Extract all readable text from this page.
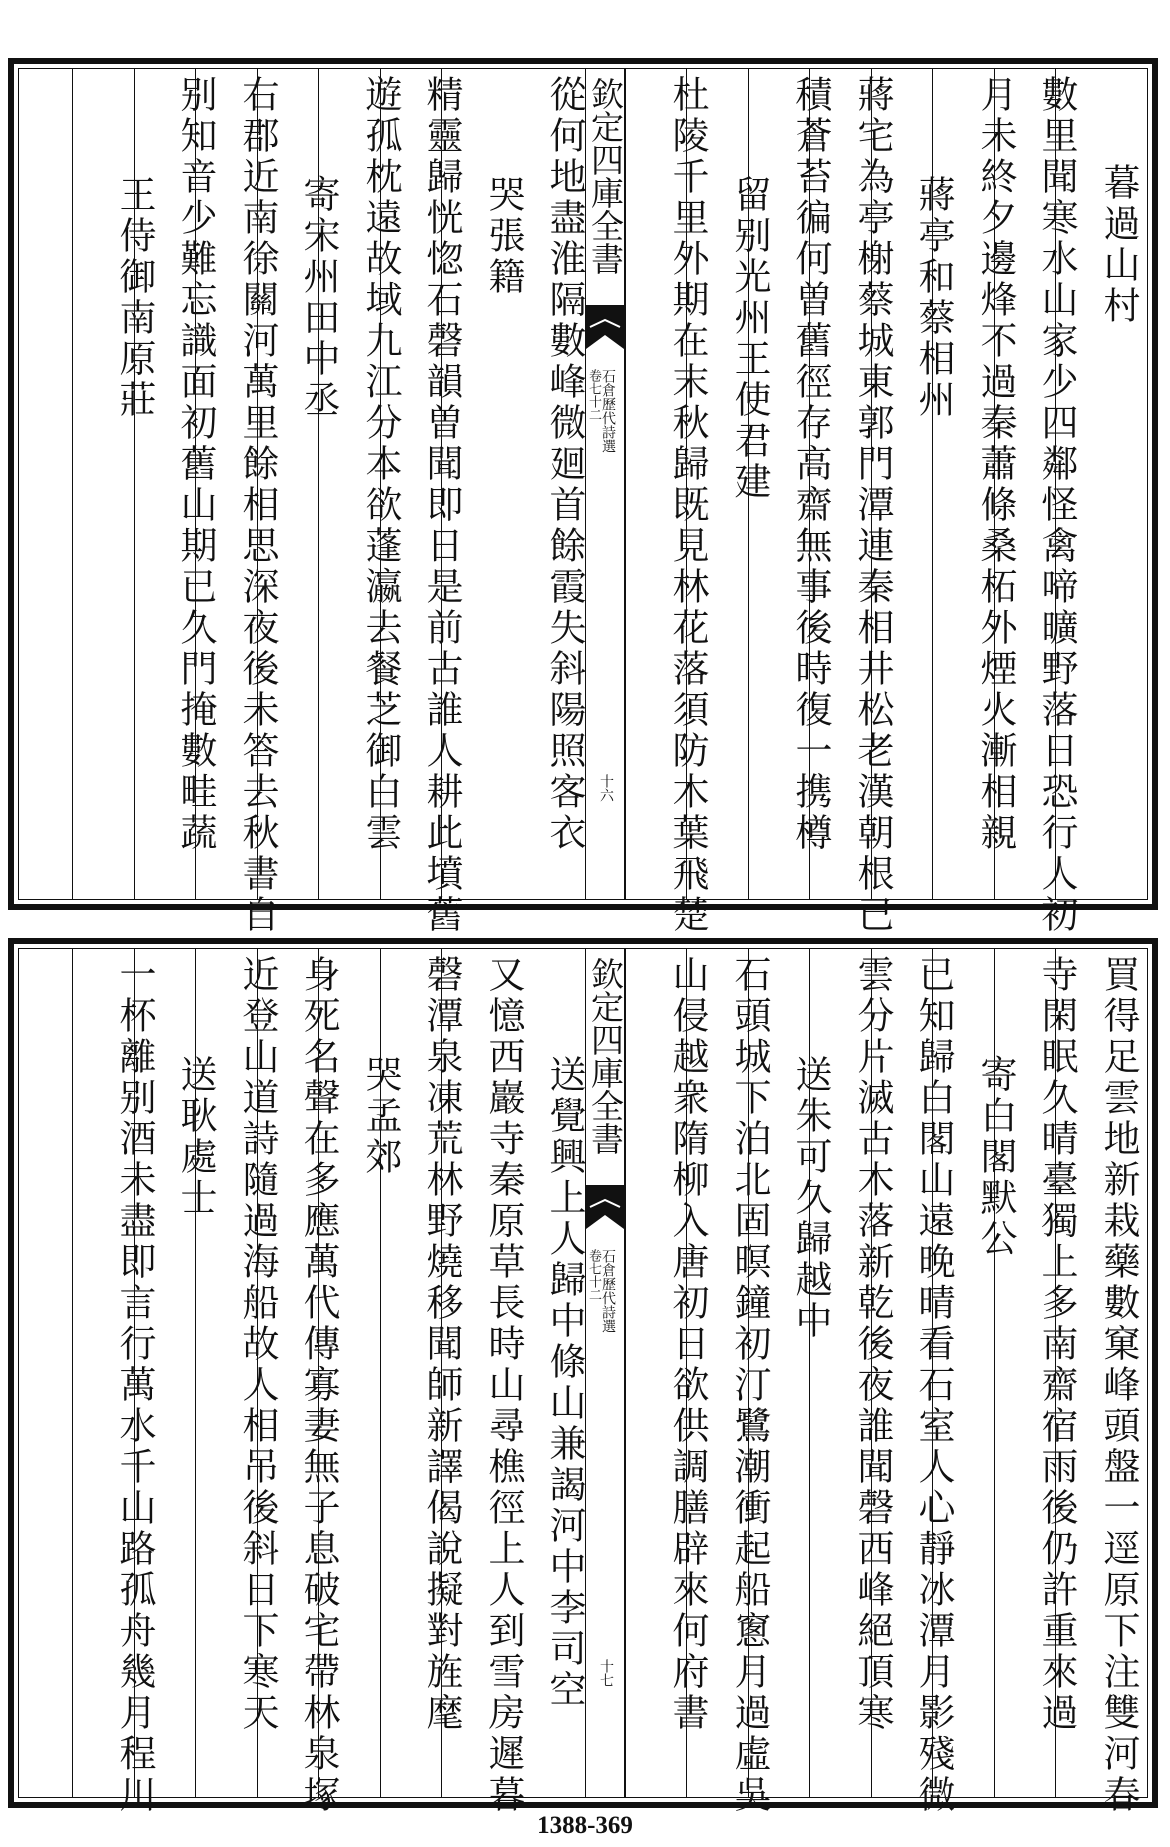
暮過山村
數里聞寒水山家少四鄰怪禽啼曠野落日恐行人初
月未終夕邊烽不過秦蕭條桑柘外煙火漸相親
蔣亭和蔡相州
蔣宅為亭榭蔡城東郭門潭連秦相井松老漢朝根已
積蒼苔徧何曽舊徑存高齋無事後時復一携樽
留别光州王使君建
杜陵千里外期在末秋歸既見林花落須防木葉飛楚
欽定四庫全書
石倉歷代詩選
卷七十二
十六
從何地盡淮隔數峰微廻首餘霞失斜陽照客衣
哭張籍
精靈歸恍惚石磬韻曽聞即日是前古誰人耕此墳舊
遊孤枕遠故域九江分本欲蓬瀛去餐芝御白雲
寄宋州田中丞
右郡近南徐關河萬里餘相思深夜後未答去秋書自
别知音少難忘識面初舊山期已久門掩數畦蔬
王侍御南原莊
買得足雲地新栽藥數窠峰頭盤一逕原下注雙河春
寺閑眠久晴臺獨上多南齋宿雨後仍許重來過
寄白閣默公
已知歸白閣山遠晚晴看石室人心靜冰潭月影殘微
雲分片滅古木落新乾後夜誰聞磬西峰絕頂寒
送朱可久歸越中
石頭城下泊北固暝鐘初汀鷺潮衝起船窻月過虛吳
山侵越衆隋柳入唐初日欲供調膳辟來何府書
欽定四庫全書
石倉歷代詩選
卷七十二
十七
送覺興上人歸中條山兼謁河中李司空
又憶西巖寺秦原草長時山尋樵徑上人到雪房遲暮
磬潭泉凍荒林野燒移聞師新譯偈說擬對旌麾
哭孟郊
身死名聲在多應萬代傳寡妻無子息破宅帶林泉塚
近登山道詩隨過海船故人相吊後斜日下寒天
送耿處士
一杯離别酒未盡即言行萬水千山路孤舟幾月程川
1388-369
